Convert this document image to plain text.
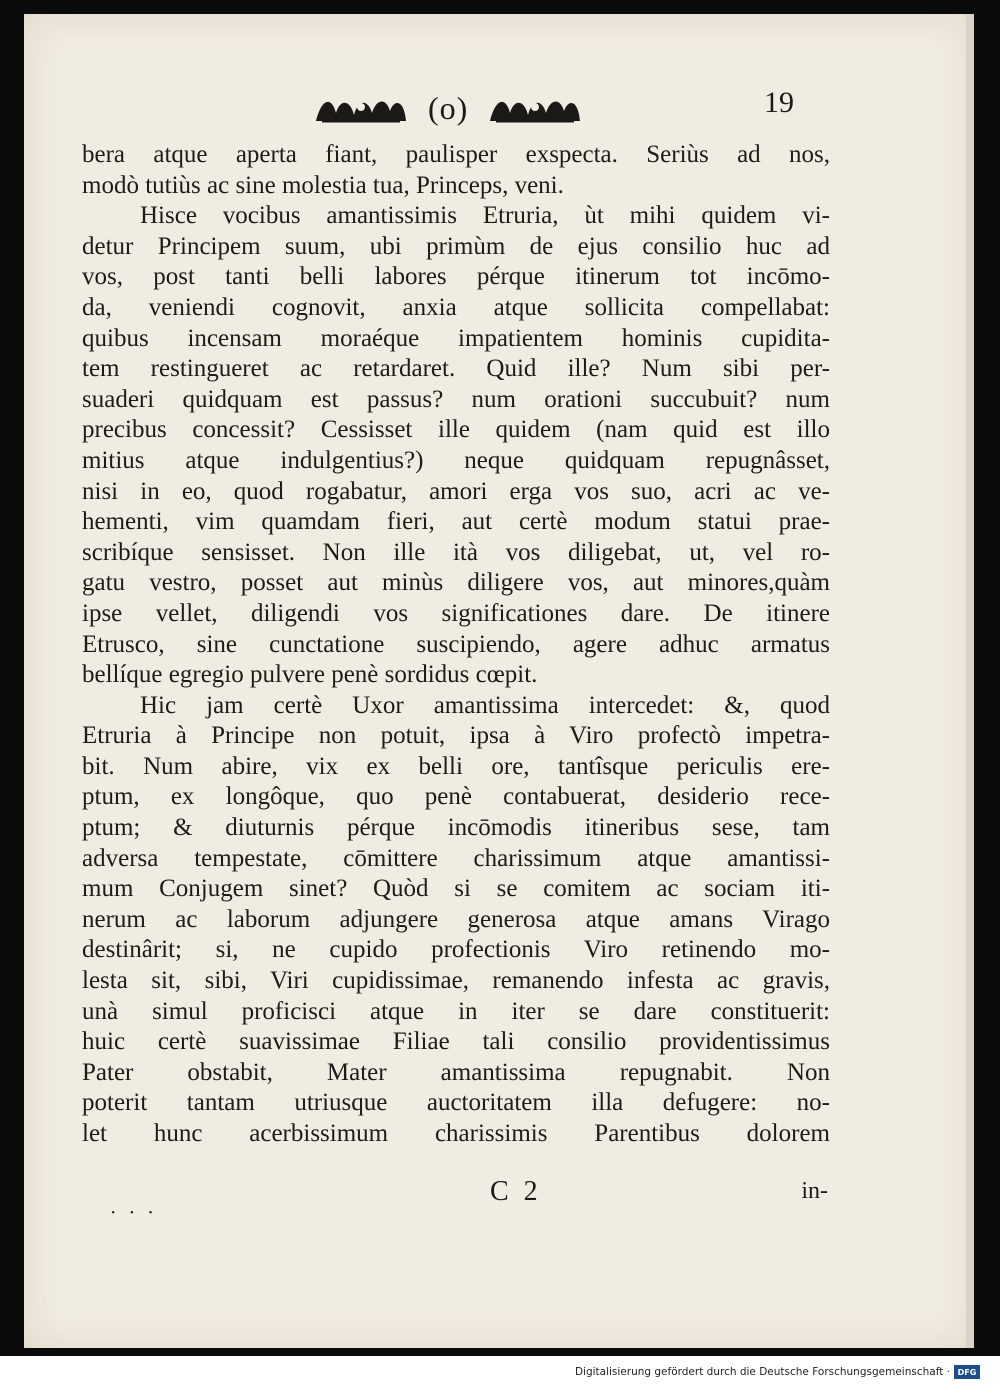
(o)	19
bera atque aperta fiant, paulisper exspecta. Seriùs ad nos,
modò tutiùs ac sine molestia tua, Princeps, veni.
Hisce vocibus amantissimis Etruria, ùt mihi quidem vi-
detur Principem suum, ubi primùm de ejus consilio huc ad
vos, post tanti belli labores pérque itinerum tot incōmo-
da, veniendi cognovit, anxia atque sollicita compellabat:
quibus incensam moraéque impatientem hominis cupidita-
tem restingueret ac retardaret. Quid ille? Num sibi per-
suaderi quidquam est passus? num orationi succubuit? num
precibus concessit? Cessisset ille quidem (nam quid est illo
mitius atque indulgentius?) neque quidquam repugnâsset,
nisi in eo, quod rogabatur, amori erga vos suo, acri ac ve-
hementi, vim quamdam fieri, aut certè modum statui prae-
scribíque sensisset. Non ille ità vos diligebat, ut, vel ro-
gatu vestro, posset aut minùs diligere vos, aut minores,quàm
ipse vellet, diligendi vos significationes dare. De itinere
Etrusco, sine cunctatione suscipiendo, agere adhuc armatus
bellíque egregio pulvere penè sordidus cœpit.
Hic jam certè Uxor amantissima intercedet: &, quod
Etruria à Principe non potuit, ipsa à Viro profectò impetra-
bit. Num abire, vix ex belli ore, tantîsque periculis ere-
ptum, ex longôque, quo penè contabuerat, desiderio rece-
ptum; & diuturnis pérque incōmodis itineribus sese, tam
adversa tempestate, cōmittere charissimum atque amantissi-
mum Conjugem sinet? Quòd si se comitem ac sociam iti-
nerum ac laborum adjungere generosa atque amans Virago
destinârit; si, ne cupido profectionis Viro retinendo mo-
lesta sit, sibi, Viri cupidissimae, remanendo infesta ac gravis,
unà simul proficisci atque in iter se dare constituerit:
huic certè suavissimae Filiae tali consilio providentissimus
Pater obstabit, Mater amantissima repugnabit. Non
poterit tantam utriusque auctoritatem illa defugere: no-
let hunc acerbissimum charissimis Parentibus dolorem
C 2	in-
· · ·
Digitalisierung gefördert durch die Deutsche Forschungsgemeinschaft · DFG
